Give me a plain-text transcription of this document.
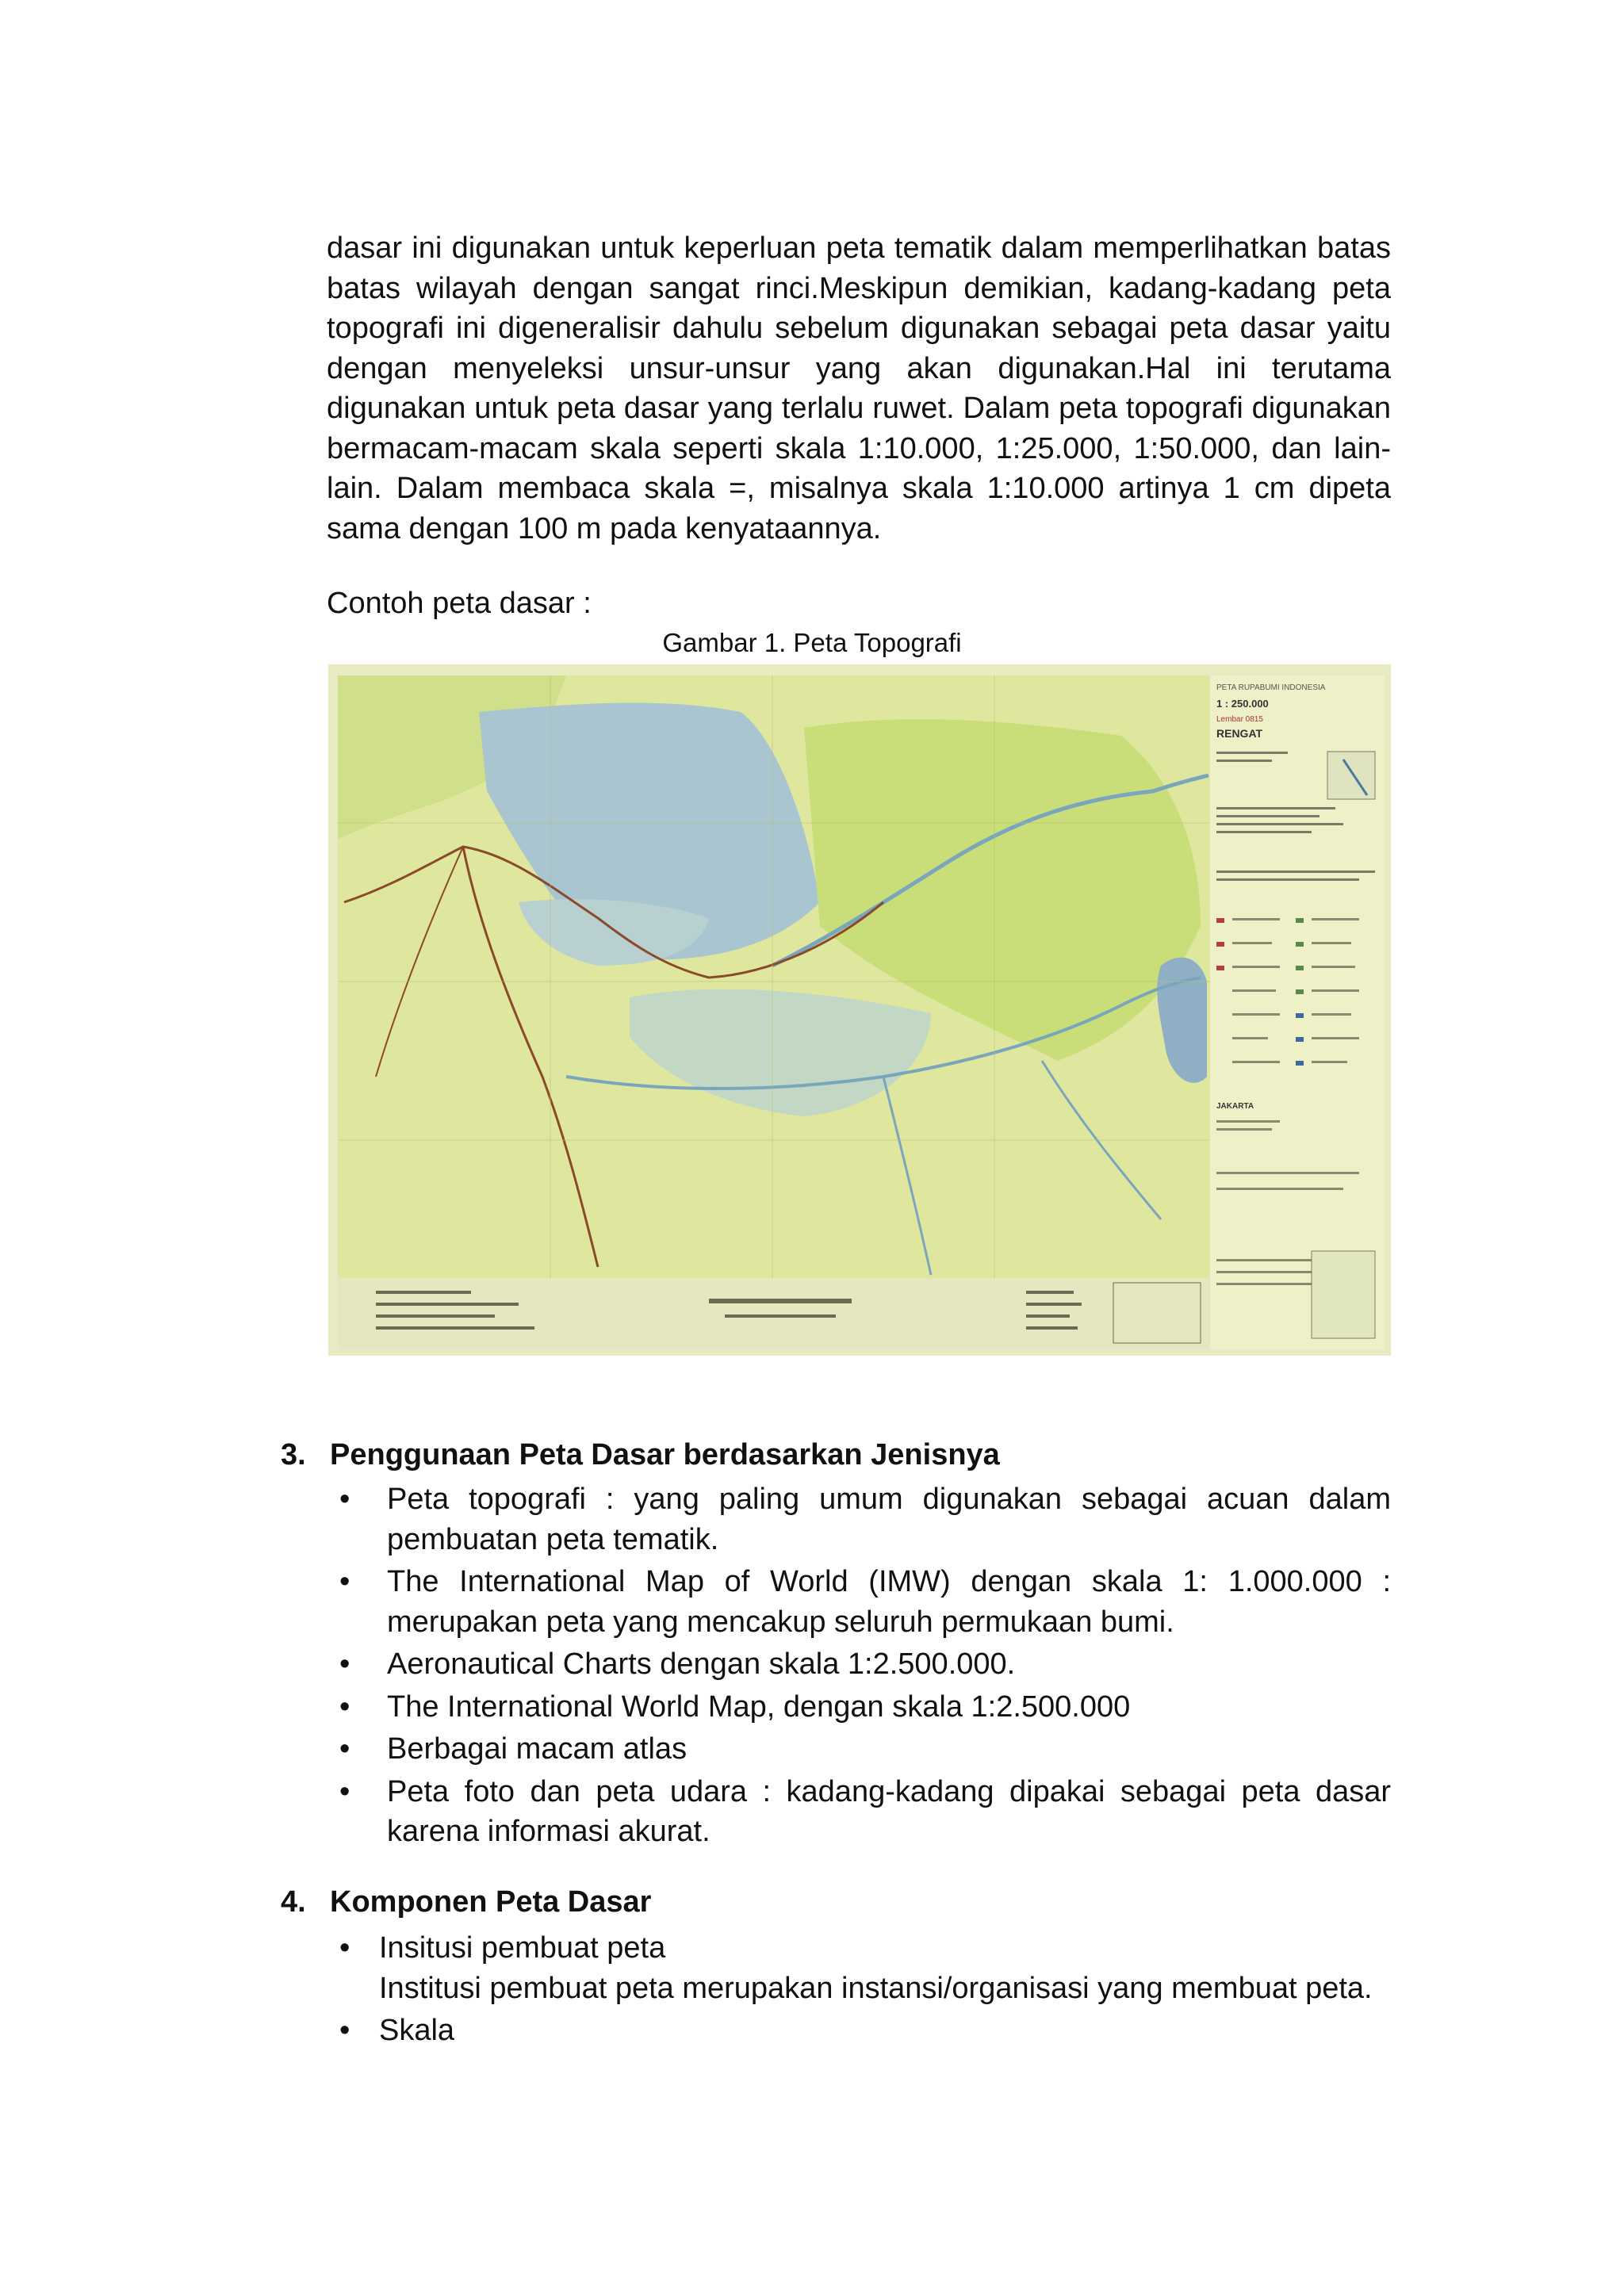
dasar ini digunakan untuk keperluan peta tematik dalam memperlihatkan batas batas wilayah dengan sangat rinci.Meskipun demikian, kadang-kadang peta topografi ini digeneralisir dahulu sebelum digunakan sebagai peta dasar yaitu dengan menyeleksi unsur-unsur yang akan digunakan.Hal ini terutama digunakan untuk peta dasar yang terlalu ruwet. Dalam peta topografi digunakan bermacam-macam skala seperti skala 1:10.000, 1:25.000, 1:50.000, dan lain-lain. Dalam membaca skala =, misalnya skala 1:10.000 artinya 1 cm dipeta sama dengan 100 m pada kenyataannya.
Contoh peta dasar :
Gambar 1. Peta Topografi
PETA RUPABUMI INDONESIA
1 : 250.000
Lembar 0815
RENGAT
JAKARTA
3. Penggunaan Peta Dasar berdasarkan Jenisnya
• Peta topografi : yang paling umum digunakan sebagai acuan dalam pembuatan peta tematik.
• The International Map of World (IMW) dengan skala 1: 1.000.000 : merupakan peta yang mencakup seluruh permukaan bumi.
• Aeronautical Charts dengan skala 1:2.500.000.
• The International World Map, dengan skala 1:2.500.000
• Berbagai macam atlas
• Peta foto dan peta udara : kadang-kadang dipakai sebagai peta dasar karena informasi akurat.
4. Komponen Peta Dasar
• Insitusi pembuat peta
Institusi pembuat peta merupakan instansi/organisasi yang membuat peta.
• Skala
